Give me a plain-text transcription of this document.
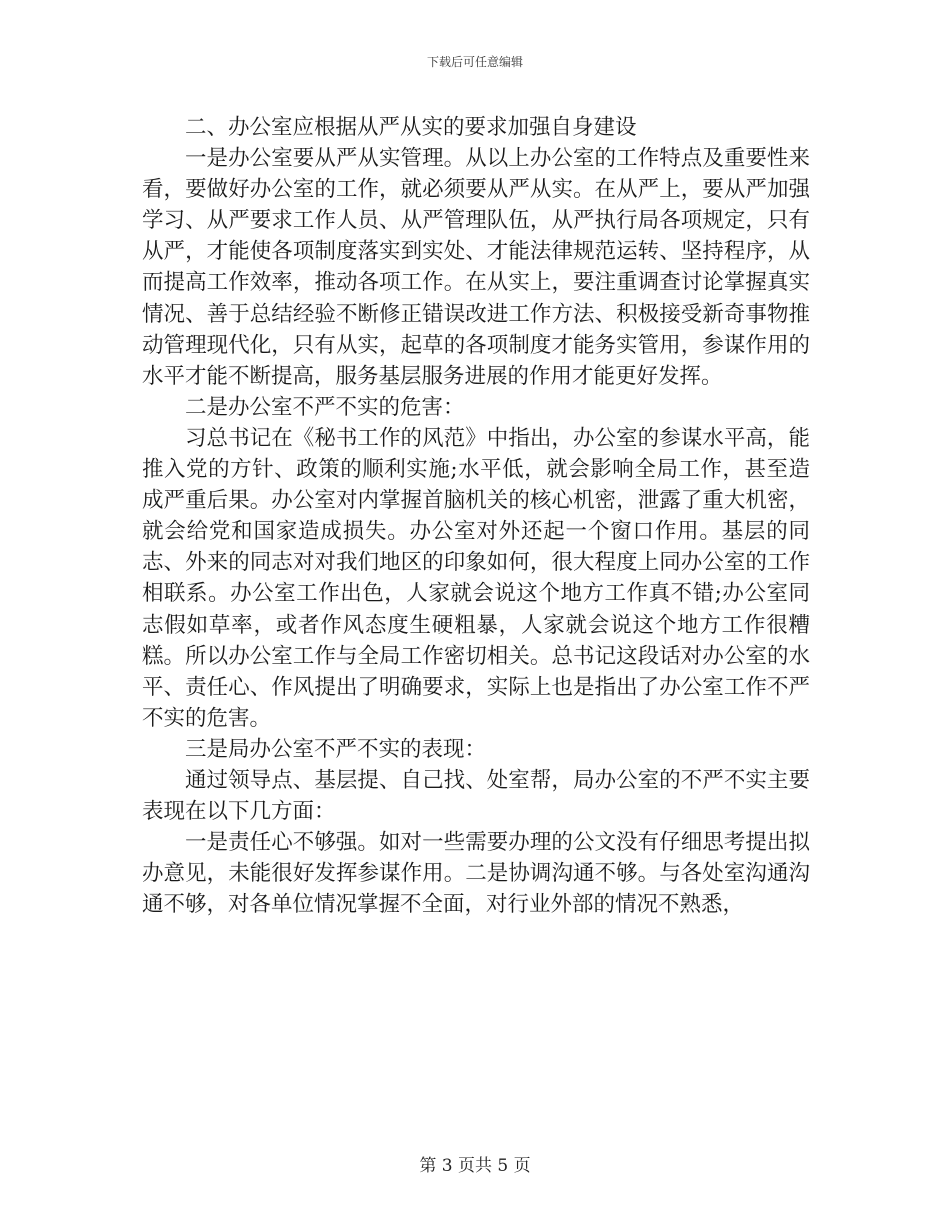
下载后可任意编辑

二、办公室应根据从严从实的要求加强自身建设

一是办公室要从严从实管理。从以上办公室的工作特点及重要性来看，要做好办公室的工作，就必须要从严从实。在从严上，要从严加强学习、从严要求工作人员、从严管理队伍，从严执行局各项规定，只有从严，才能使各项制度落实到实处、才能法律规范运转、坚持程序，从而提高工作效率，推动各项工作。在从实上，要注重调查讨论掌握真实情况、善于总结经验不断修正错误改进工作方法、积极接受新奇事物推动管理现代化，只有从实，起草的各项制度才能务实管用，参谋作用的水平才能不断提高，服务基层服务进展的作用才能更好发挥。

二是办公室不严不实的危害：

习总书记在《秘书工作的风范》中指出，办公室的参谋水平高，能推入党的方针、政策的顺利实施;水平低，就会影响全局工作，甚至造成严重后果。办公室对内掌握首脑机关的核心机密，泄露了重大机密，就会给党和国家造成损失。办公室对外还起一个窗口作用。基层的同志、外来的同志对对我们地区的印象如何，很大程度上同办公室的工作相联系。办公室工作出色，人家就会说这个地方工作真不错;办公室同志假如草率，或者作风态度生硬粗暴，人家就会说这个地方工作很糟糕。所以办公室工作与全局工作密切相关。总书记这段话对办公室的水平、责任心、作风提出了明确要求，实际上也是指出了办公室工作不严不实的危害。

三是局办公室不严不实的表现：

通过领导点、基层提、自己找、处室帮，局办公室的不严不实主要表现在以下几方面：

一是责任心不够强。如对一些需要办理的公文没有仔细思考提出拟办意见，未能很好发挥参谋作用。二是协调沟通不够。与各处室沟通沟通不够，对各单位情况掌握不全面，对行业外部的情况不熟悉，

第 3 页共 5 页
